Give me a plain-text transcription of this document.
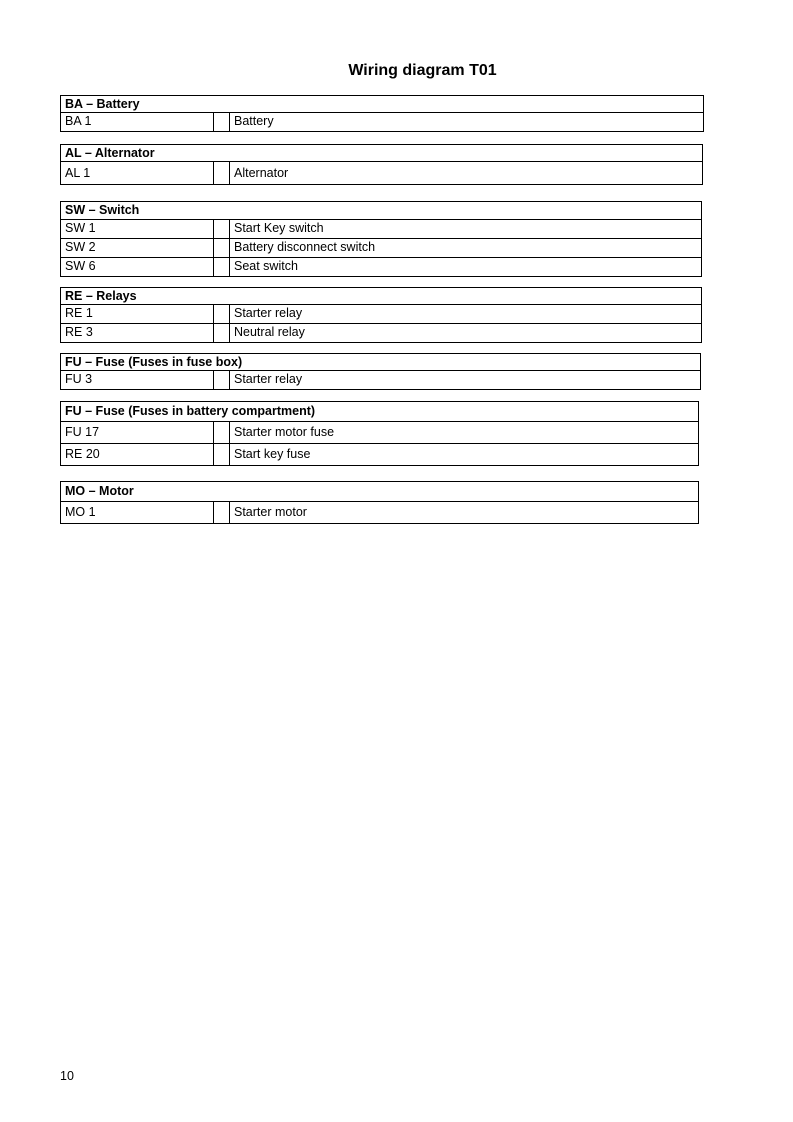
Wiring diagram T01
BA – Battery
BA 1	Battery
AL – Alternator
AL 1	Alternator
SW – Switch
SW 1	Start Key switch
SW 2	Battery disconnect switch
SW 6	Seat switch
RE – Relays
RE 1	Starter relay
RE 3	Neutral relay
FU – Fuse (Fuses in fuse box)
FU 3	Starter relay
FU – Fuse (Fuses in battery compartment)
FU 17	Starter motor fuse
RE 20	Start key fuse
MO – Motor
MO 1	Starter motor
10
